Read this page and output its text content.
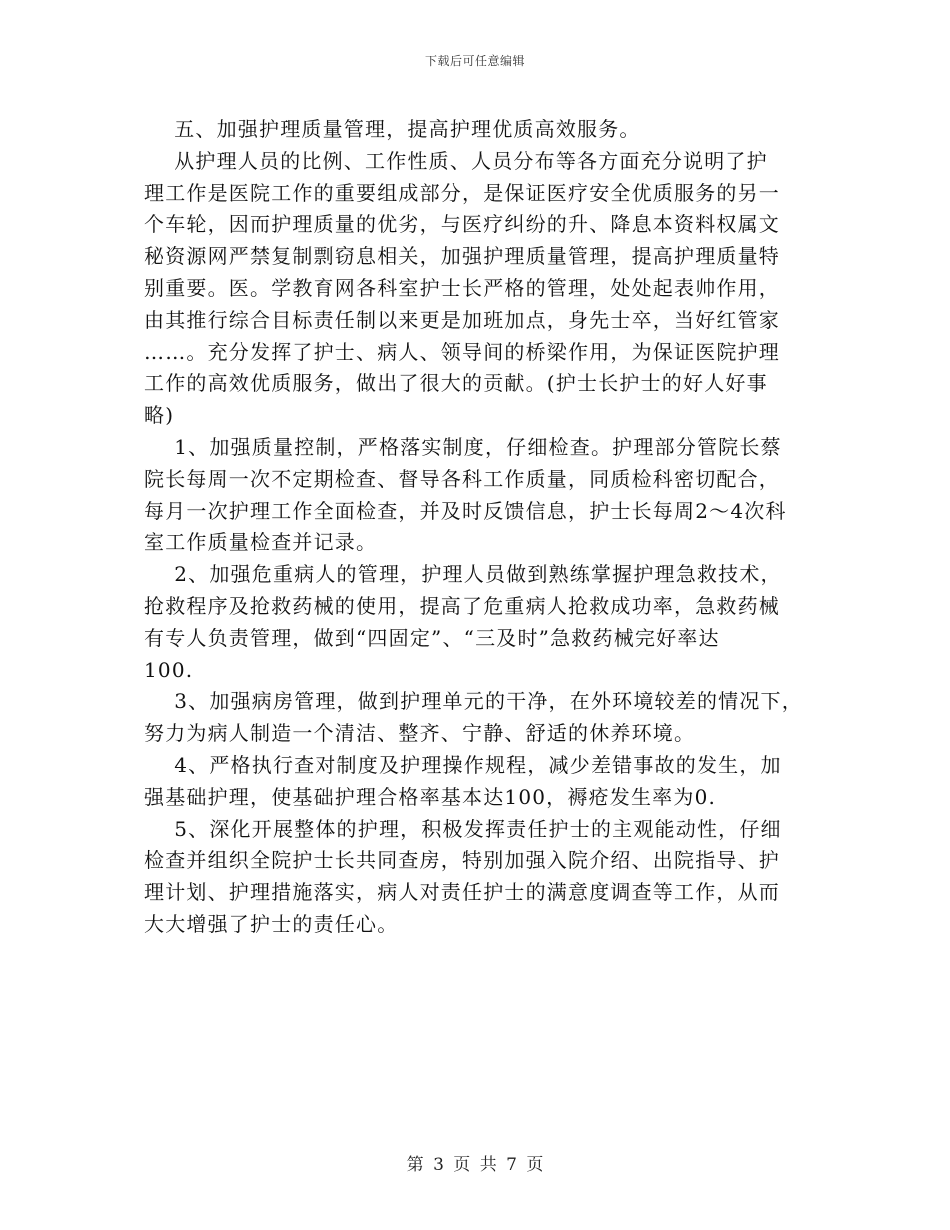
下载后可任意编辑

五、加强护理质量管理，提高护理优质高效服务。

从护理人员的比例、工作性质、人员分布等各方面充分说明了护

理工作是医院工作的重要组成部分，是保证医疗安全优质服务的另一

个车轮，因而护理质量的优劣，与医疗纠纷的升、降息本资料权属文

秘资源网严禁复制剽窃息相关，加强护理质量管理，提高护理质量特

别重要。医。学教育网各科室护士长严格的管理，处处起表帅作用，

由其推行综合目标责任制以来更是加班加点，身先士卒，当好红管家

……。充分发挥了护士、病人、领导间的桥梁作用，为保证医院护理

工作的高效优质服务，做出了很大的贡献。(护士长护士的好人好事

略)

1、加强质量控制，严格落实制度，仔细检查。护理部分管院长蔡

院长每周一次不定期检查、督导各科工作质量，同质检科密切配合，

每月一次护理工作全面检查，并及时反馈信息，护士长每周2～4次科

室工作质量检查并记录。

2、加强危重病人的管理，护理人员做到熟练掌握护理急救技术，

抢救程序及抢救药械的使用，提高了危重病人抢救成功率，急救药械

有专人负责管理，做到“四固定”、“三及时”急救药械完好率达

100.

3、加强病房管理，做到护理单元的干净，在外环境较差的情况下，

努力为病人制造一个清洁、整齐、宁静、舒适的休养环境。

4、严格执行查对制度及护理操作规程，减少差错事故的发生，加

强基础护理，使基础护理合格率基本达100，褥疮发生率为0.

5、深化开展整体的护理，积极发挥责任护士的主观能动性，仔细

检查并组织全院护士长共同查房，特别加强入院介绍、出院指导、护

理计划、护理措施落实，病人对责任护士的满意度调查等工作，从而

大大增强了护士的责任心。

第 3 页 共 7 页
